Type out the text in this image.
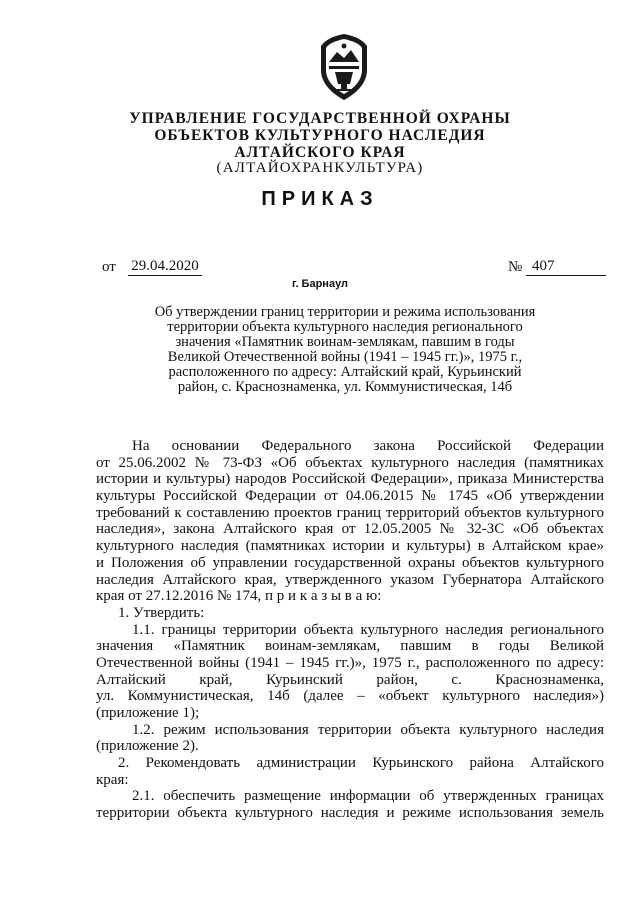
УПРАВЛЕНИЕ ГОСУДАРСТВЕННОЙ ОХРАНЫ
ОБЪЕКТОВ КУЛЬТУРНОГО НАСЛЕДИЯ
АЛТАЙСКОГО КРАЯ
(АЛТАЙОХРАНКУЛЬТУРА)
ПРИКАЗ
от 29.04.2020	№ 407
г. Барнаул
Об утверждении границ территории и режима использования
территории объекта культурного наследия регионального
значения «Памятник воинам-землякам, павшим в годы
Великой Отечественной войны (1941 – 1945 гг.)», 1975 г.,
расположенного по адресу: Алтайский край, Курьинский
район, с. Краснознаменка, ул. Коммунистическая, 14б
На основании Федерального закона Российской Федерации
от 25.06.2002 № 73-ФЗ «Об объектах культурного наследия (памятниках
истории и культуры) народов Российской Федерации», приказа Министерства
культуры Российской Федерации от 04.06.2015 № 1745 «Об утверждении
требований к составлению проектов границ территорий объектов культурного
наследия», закона Алтайского края от 12.05.2005 № 32-ЗС «Об объектах
культурного наследия (памятниках истории и культуры) в Алтайском крае»
и Положения об управлении государственной охраны объектов культурного
наследия Алтайского края, утвержденного указом Губернатора Алтайского
края от 27.12.2016 № 174, п р и к а з ы в а ю:
1. Утвердить:
1.1. границы территории объекта культурного наследия регионального
значения «Памятник воинам-землякам, павшим в годы Великой
Отечественной войны (1941 – 1945 гг.)», 1975 г., расположенного по адресу:
Алтайский край, Курьинский район, с. Краснознаменка,
ул. Коммунистическая, 14б (далее – «объект культурного наследия»)
(приложение 1);
1.2. режим использования территории объекта культурного наследия
(приложение 2).
2. Рекомендовать администрации Курьинского района Алтайского
края:
2.1. обеспечить размещение информации об утвержденных границах
территории объекта культурного наследия и режиме использования земель
